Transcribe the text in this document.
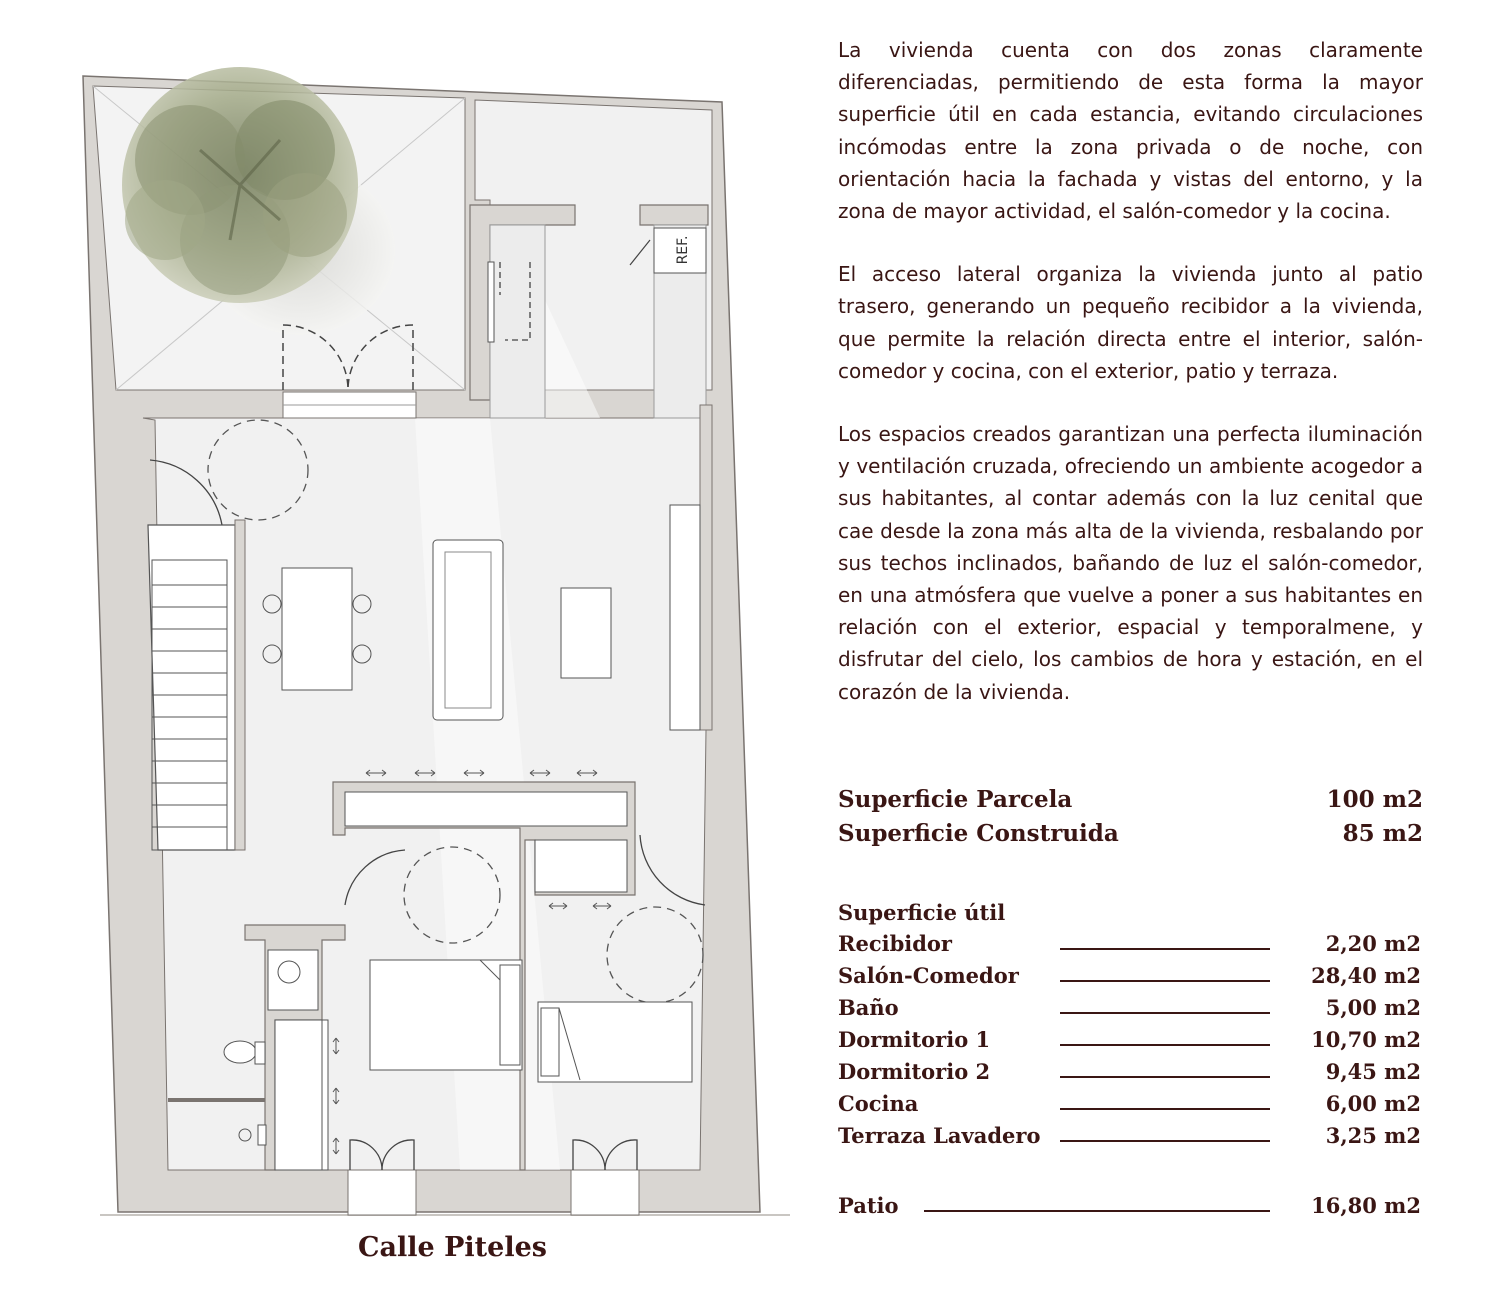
REF.
Calle Piteles

La vivienda cuenta con dos zonas claramente diferenciadas, permitiendo de esta forma la mayor superficie útil en cada estancia, evitando circulaciones incómodas entre la zona privada o de noche, con orientación hacia la fachada y vistas del entorno, y la zona de mayor actividad, el salón-comedor y la cocina.

El acceso lateral organiza la vivienda junto al patio trasero, generando un pequeño recibidor a la vivienda, que permite la relación directa entre el interior, salón-comedor y cocina, con el exterior, patio y terraza.

Los espacios creados garantizan una perfecta iluminación y ventilación cruzada, ofreciendo un ambiente acogedor a sus habitantes, al contar además con la luz cenital que cae desde la zona más alta de la vivienda, resbalando por sus techos inclinados, bañando de luz el salón-comedor, en una atmósfera que vuelve a poner a sus habitantes en relación con el exterior, espacial y temporalmene, y disfrutar del cielo, los cambios de hora y estación, en el corazón de la vivienda.

Superficie Parcela	100 m2
Superficie Construida	85 m2
Superficie útil
Recibidor	2,20 m2
Salón-Comedor	28,40 m2
Baño	5,00 m2
Dormitorio 1	10,70 m2
Dormitorio 2	9,45 m2
Cocina	6,00 m2
Terraza Lavadero	3,25 m2
Patio	16,80 m2
